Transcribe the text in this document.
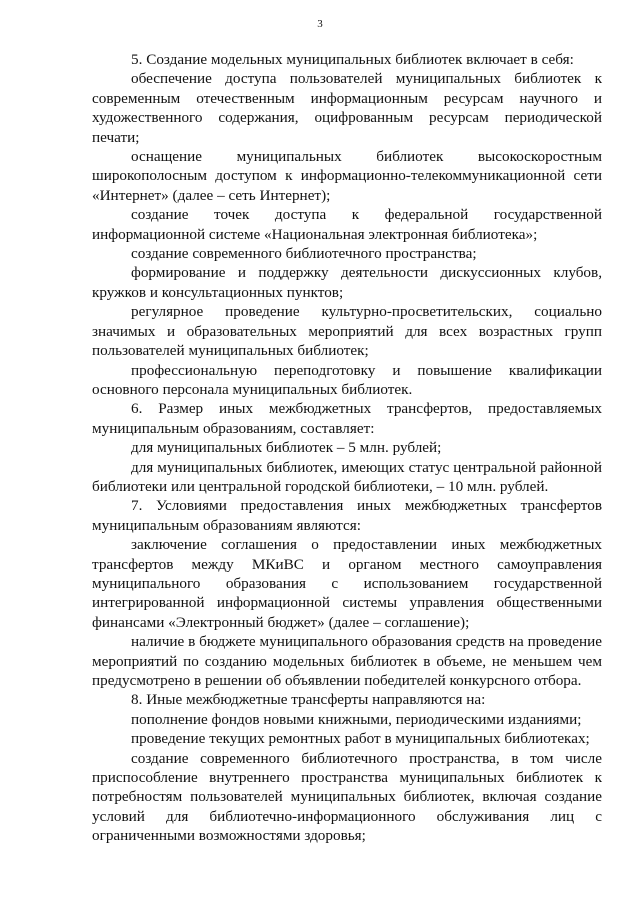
3

5. Создание модельных муниципальных библиотек включает в себя:

обеспечение доступа пользователей муниципальных библиотек к современным отечественным информационным ресурсам научного и художественного содержания, оцифрованным ресурсам периодической печати;

оснащение муниципальных библиотек высокоскоростным широкополосным доступом к информационно-телекоммуникационной сети «Интернет» (далее – сеть Интернет);

создание точек доступа к федеральной государственной информационной системе «Национальная электронная библиотека»;

создание современного библиотечного пространства;

формирование и поддержку деятельности дискуссионных клубов, кружков и консультационных пунктов;

регулярное проведение культурно-просветительских, социально значимых и образовательных мероприятий для всех возрастных групп пользователей муниципальных библиотек;

профессиональную переподготовку и повышение квалификации основного персонала муниципальных библиотек.

6. Размер иных межбюджетных трансфертов, предоставляемых муниципальным образованиям, составляет:

для муниципальных библиотек – 5 млн. рублей;

для муниципальных библиотек, имеющих статус центральной районной библиотеки или центральной городской библиотеки, – 10 млн. рублей.

7. Условиями предоставления иных межбюджетных трансфертов муниципальным образованиям являются:

заключение соглашения о предоставлении иных межбюджетных трансфертов между МКиВС и органом местного самоуправления муниципального образования с использованием государственной интегрированной информационной системы управления общественными финансами «Электронный бюджет» (далее – соглашение);

наличие в бюджете муниципального образования средств на проведение мероприятий по созданию модельных библиотек в объеме, не меньшем чем предусмотрено в решении об объявлении победителей конкурсного отбора.

8. Иные межбюджетные трансферты направляются на:

пополнение фондов новыми книжными, периодическими изданиями;

проведение текущих ремонтных работ в муниципальных библиотеках;

создание современного библиотечного пространства, в том числе приспособление внутреннего пространства муниципальных библиотек к потребностям пользователей муниципальных библиотек, включая создание условий для библиотечно-информационного обслуживания лиц с ограниченными возможностями здоровья;
